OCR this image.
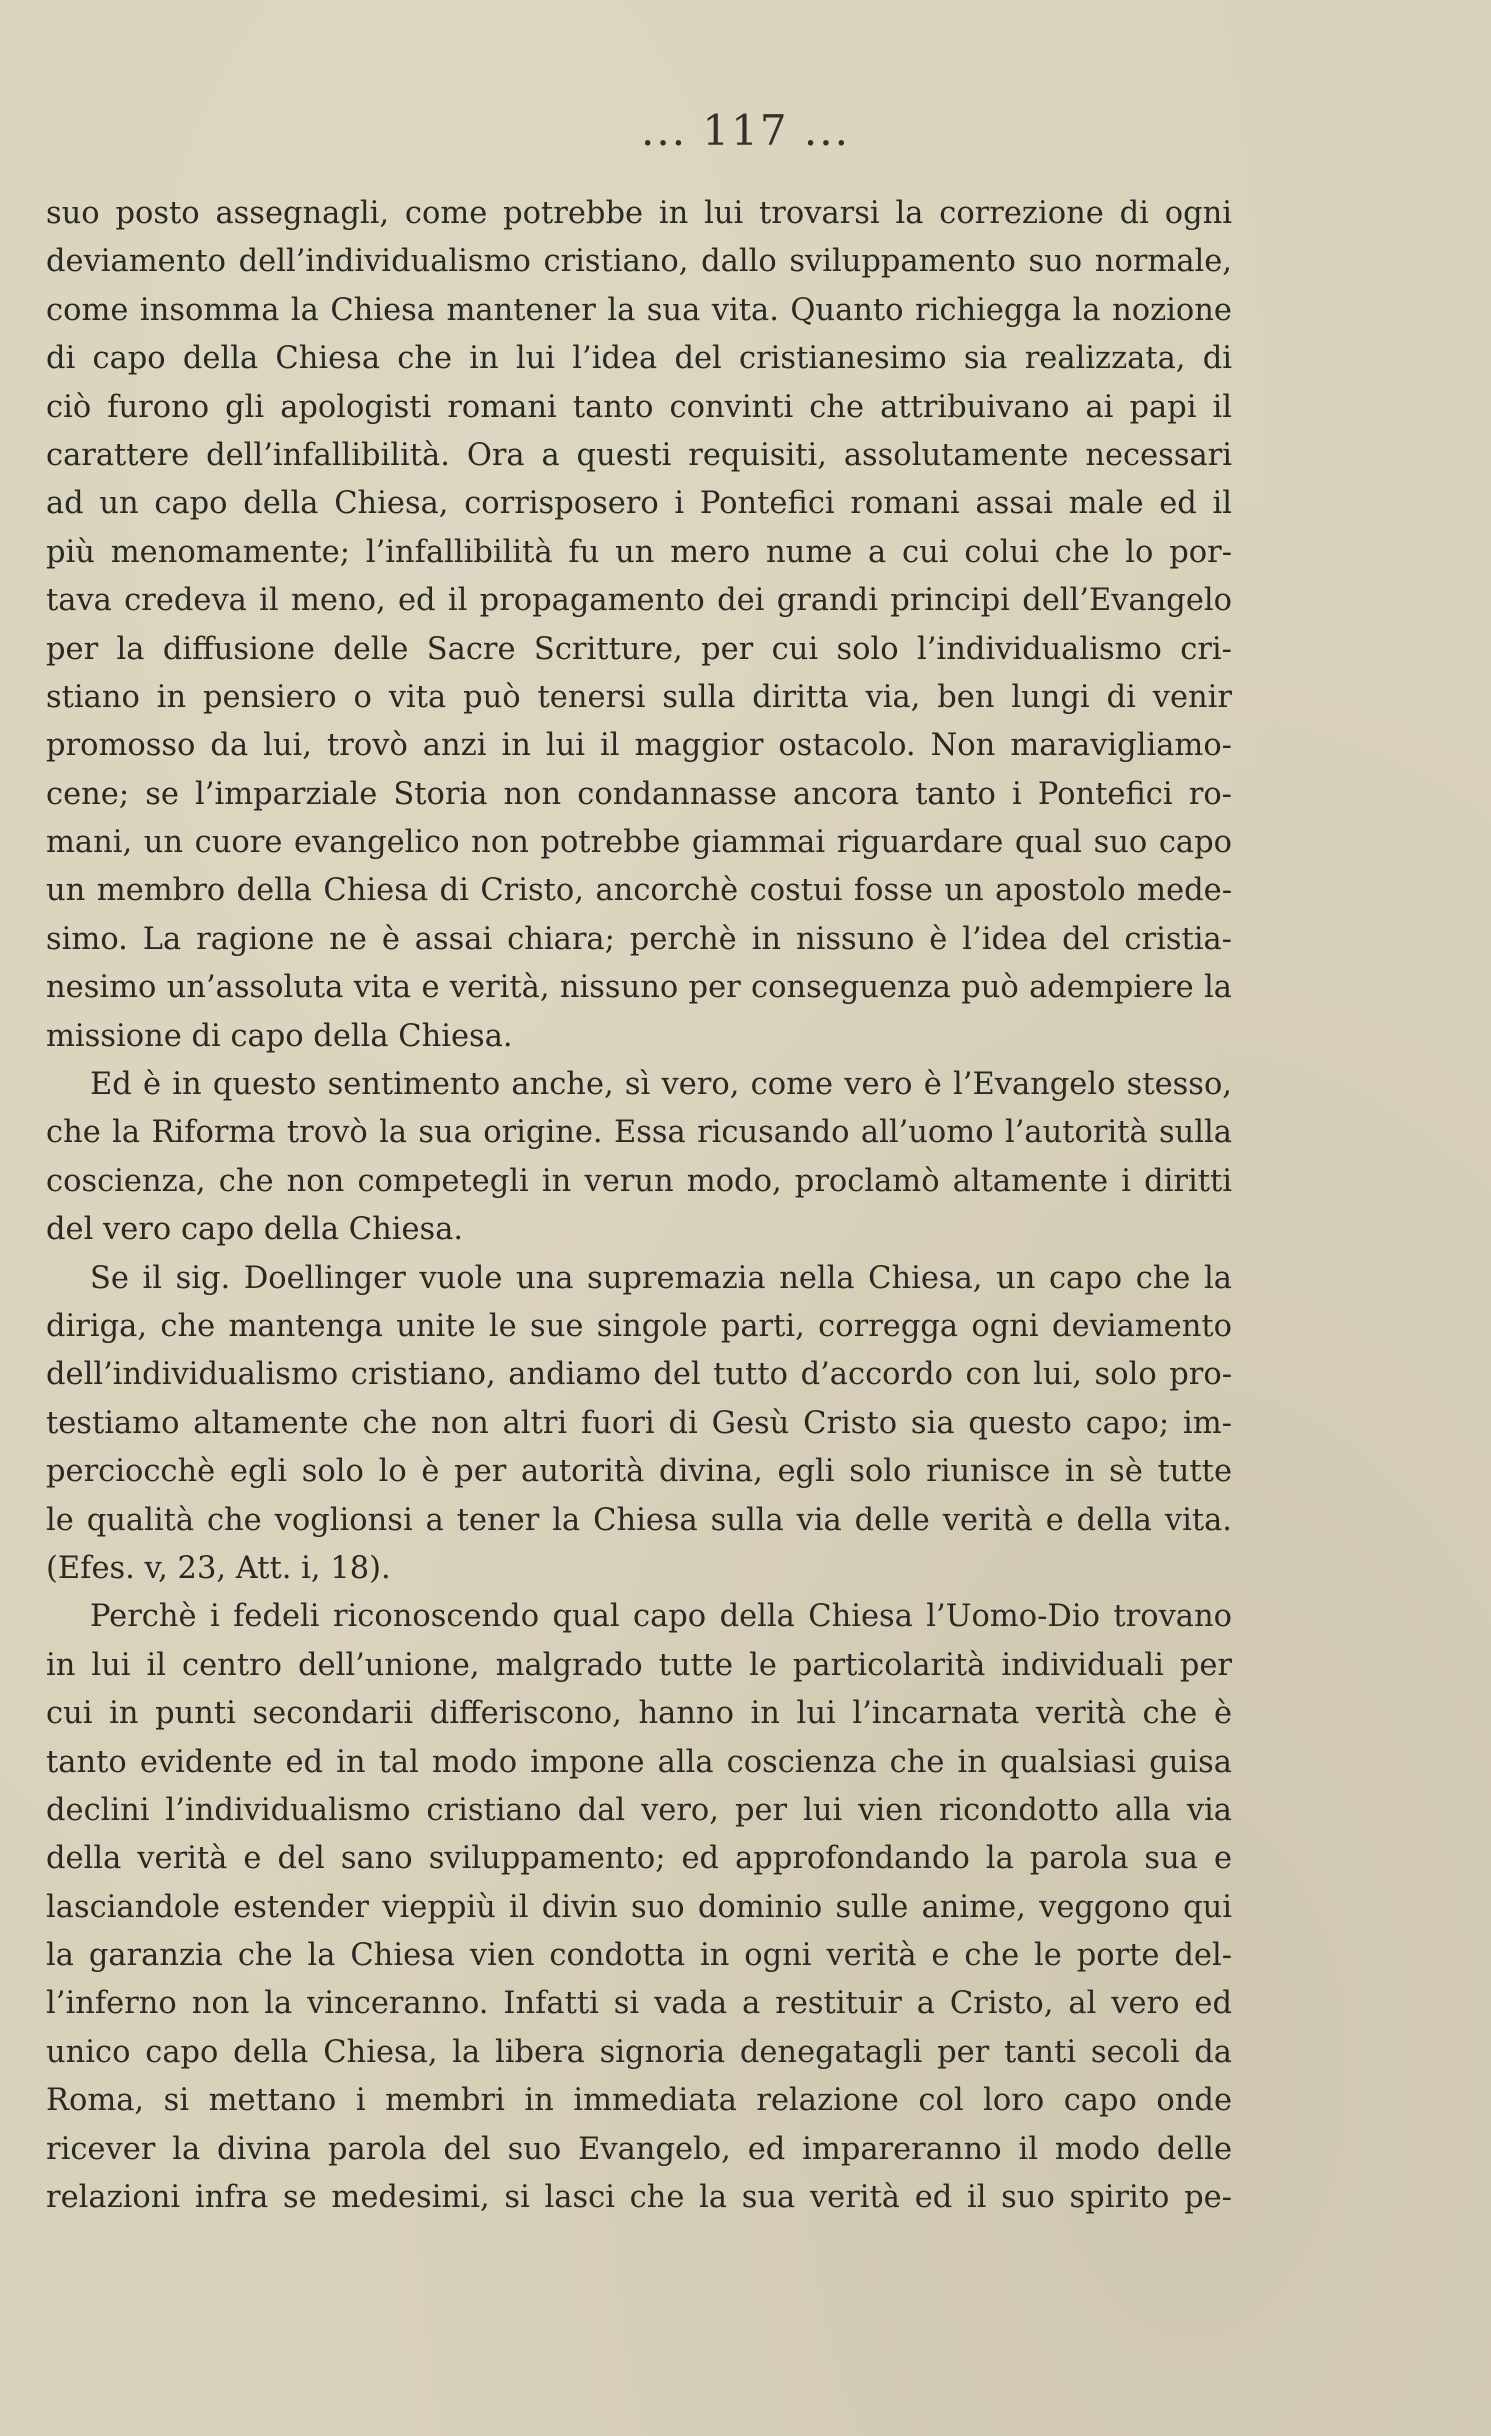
... 117 ...
suo posto assegnagli, come potrebbe in lui trovarsi la correzione di ogni
deviamento dell’individualismo cristiano, dallo sviluppamento suo normale,
come insomma la Chiesa mantener la sua vita. Quanto richiegga la nozione
di capo della Chiesa che in lui l’idea del cristianesimo sia realizzata, di
ciò furono gli apologisti romani tanto convinti che attribuivano ai papi il
carattere dell’infallibilità. Ora a questi requisiti, assolutamente necessari
ad un capo della Chiesa, corrisposero i Pontefici romani assai male ed il
più menomamente; l’infallibilità fu un mero nume a cui colui che lo por-
tava credeva il meno, ed il propagamento dei grandi principi dell’Evangelo
per la diffusione delle Sacre Scritture, per cui solo l’individualismo cri-
stiano in pensiero o vita può tenersi sulla diritta via, ben lungi di venir
promosso da lui, trovò anzi in lui il maggior ostacolo. Non maravigliamo-
cene; se l’imparziale Storia non condannasse ancora tanto i Pontefici ro-
mani, un cuore evangelico non potrebbe giammai riguardare qual suo capo
un membro della Chiesa di Cristo, ancorchè costui fosse un apostolo mede-
simo. La ragione ne è assai chiara; perchè in nissuno è l’idea del cristia-
nesimo un’assoluta vita e verità, nissuno per conseguenza può adempiere la
missione di capo della Chiesa.
Ed è in questo sentimento anche, sì vero, come vero è l’Evangelo stesso,
che la Riforma trovò la sua origine. Essa ricusando all’uomo l’autorità sulla
coscienza, che non competegli in verun modo, proclamò altamente i diritti
del vero capo della Chiesa.
Se il sig. Doellinger vuole una supremazia nella Chiesa, un capo che la
diriga, che mantenga unite le sue singole parti, corregga ogni deviamento
dell’individualismo cristiano, andiamo del tutto d’accordo con lui, solo pro-
testiamo altamente che non altri fuori di Gesù Cristo sia questo capo; im-
perciocchè egli solo lo è per autorità divina, egli solo riunisce in sè tutte
le qualità che voglionsi a tener la Chiesa sulla via delle verità e della vita.
(Efes. v, 23, Att. i, 18).
Perchè i fedeli riconoscendo qual capo della Chiesa l’Uomo-Dio trovano
in lui il centro dell’unione, malgrado tutte le particolarità individuali per
cui in punti secondarii differiscono, hanno in lui l’incarnata verità che è
tanto evidente ed in tal modo impone alla coscienza che in qualsiasi guisa
declini l’individualismo cristiano dal vero, per lui vien ricondotto alla via
della verità e del sano sviluppamento; ed approfondando la parola sua e
lasciandole estender vieppiù il divin suo dominio sulle anime, veggono qui
la garanzia che la Chiesa vien condotta in ogni verità e che le porte del-
l’inferno non la vinceranno. Infatti si vada a restituir a Cristo, al vero ed
unico capo della Chiesa, la libera signoria denegatagli per tanti secoli da
Roma, si mettano i membri in immediata relazione col loro capo onde
ricever la divina parola del suo Evangelo, ed impareranno il modo delle
relazioni infra se medesimi, si lasci che la sua verità ed il suo spirito pe-
